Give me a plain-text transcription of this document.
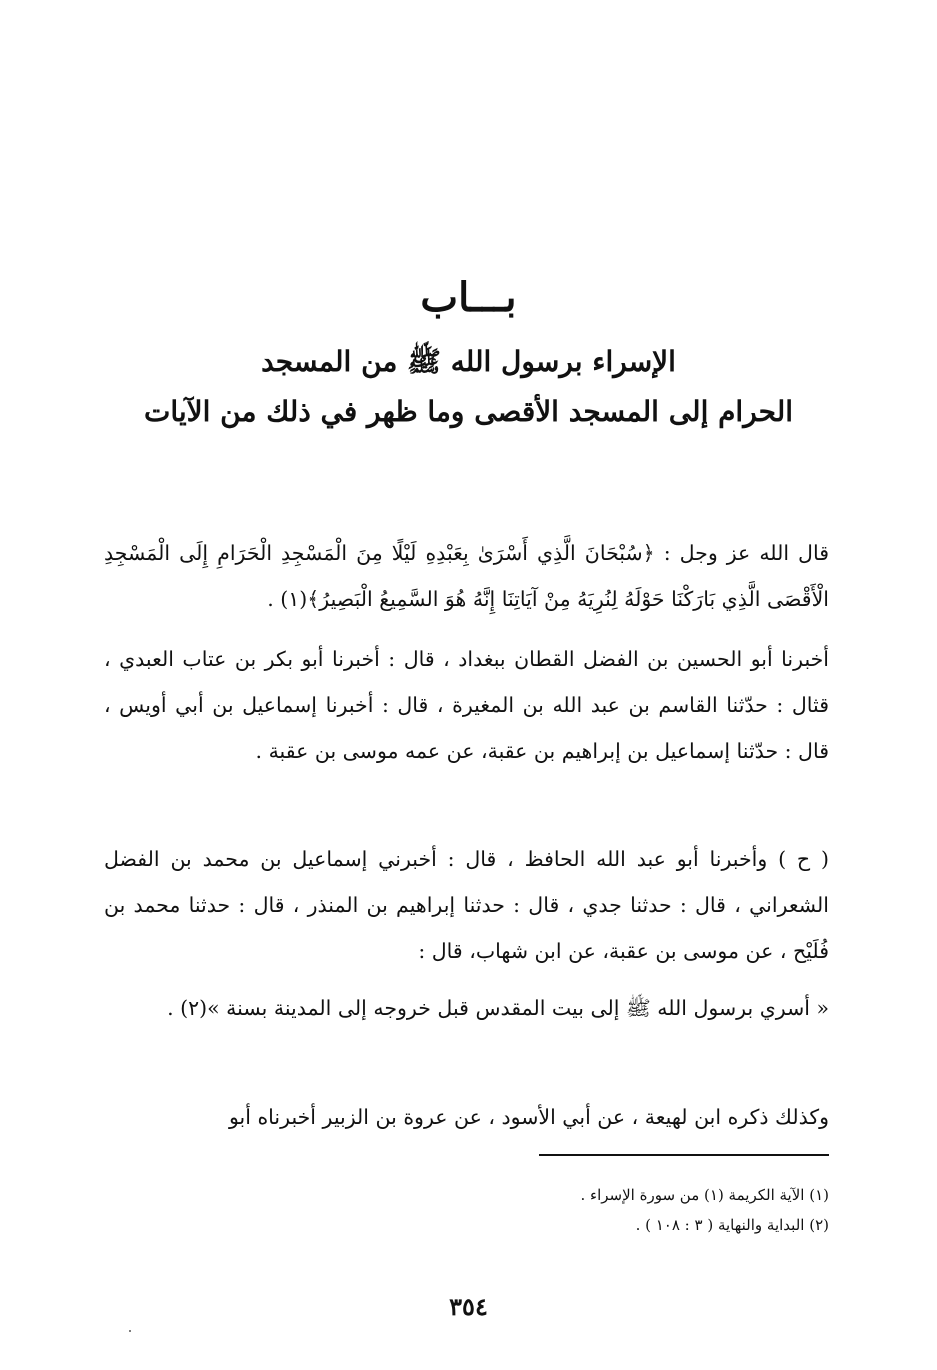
بـــاب
الإسراء برسول الله ﷺ من المسجد
الحرام إلى المسجد الأقصى وما ظهر في ذلك من الآيات
قال الله عز وجل : ﴿سُبْحَانَ الَّذِي أَسْرَىٰ بِعَبْدِهِ لَيْلًا مِنَ الْمَسْجِدِ الْحَرَامِ إِلَى الْمَسْجِدِ الْأَقْصَى الَّذِي بَارَكْنَا حَوْلَهُ لِنُرِيَهُ مِنْ آيَاتِنَا إِنَّهُ هُوَ السَّمِيعُ الْبَصِيرُ﴾(١) .
أخبرنا أبو الحسين بن الفضل القطان ببغداد ، قال : أخبرنا أبو بكر بن عتاب العبدي ، قثال : حدّثنا القاسم بن عبد الله بن المغيرة ، قال : أخبرنا إسماعيل بن أبي أويس ، قال : حدّثنا إسماعيل بن إبراهيم بن عقبة، عن عمه موسى بن عقبة .
( ح ) وأخبرنا أبو عبد الله الحافظ ، قال : أخبرني إسماعيل بن محمد بن الفضل الشعراني ، قال : حدثنا جدي ، قال : حدثنا إبراهيم بن المنذر ، قال : حدثنا محمد بن فُلَيْح ، عن موسى بن عقبة، عن ابن شهاب، قال :
« أسري برسول الله ﷺ إلى بيت المقدس قبل خروجه إلى المدينة بسنة »(٢) .
وكذلك ذكره ابن لهيعة ، عن أبي الأسود ، عن عروة بن الزبير أخبرناه أبو
(١) الآية الكريمة (١) من سورة الإسراء .
(٢) البداية والنهاية ( ٣ : ١٠٨ ) .
٣٥٤
